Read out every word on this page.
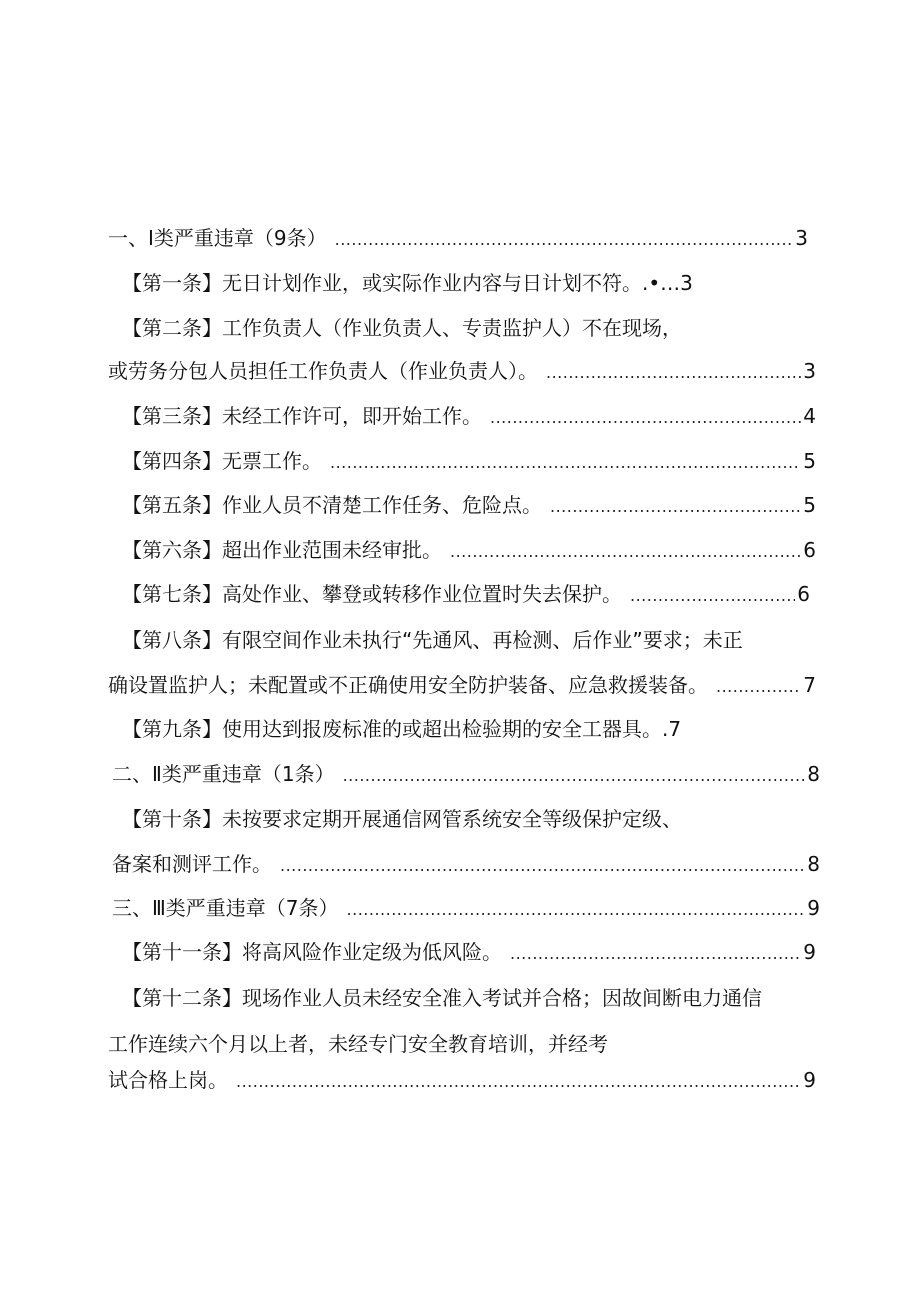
一、Ⅰ类严重违章（9条） .....	3
【第一条】无日计划作业，或实际作业内容与日计划不符。.•…3
【第二条】工作负责人（作业负责人、专责监护人）不在现场，
或劳务分包人员担任工作负责人（作业负责人）。 .....	3
【第三条】未经工作许可，即开始工作。 .....	4
【第四条】无票工作。 .....	5
【第五条】作业人员不清楚工作任务、危险点。 .....	5
【第六条】超出作业范围未经审批。 .....	6
【第七条】高处作业、攀登或转移作业位置时失去保护。 .....	6
【第八条】有限空间作业未执行“先通风、再检测、后作业”要求；未正
确设置监护人；未配置或不正确使用安全防护装备、应急救援装备。 .....	7
【第九条】使用达到报废标准的或超出检验期的安全工器具。.7
二、Ⅱ类严重违章（1条） .....	8
【第十条】未按要求定期开展通信网管系统安全等级保护定级、
备案和测评工作。 .....	8
三、Ⅲ类严重违章（7条） .....	9
【第十一条】将高风险作业定级为低风险。 .....	9
【第十二条】现场作业人员未经安全准入考试并合格；因故间断电力通信
工作连续六个月以上者，未经专门安全教育培训，并经考
试合格上岗。 .....	9
